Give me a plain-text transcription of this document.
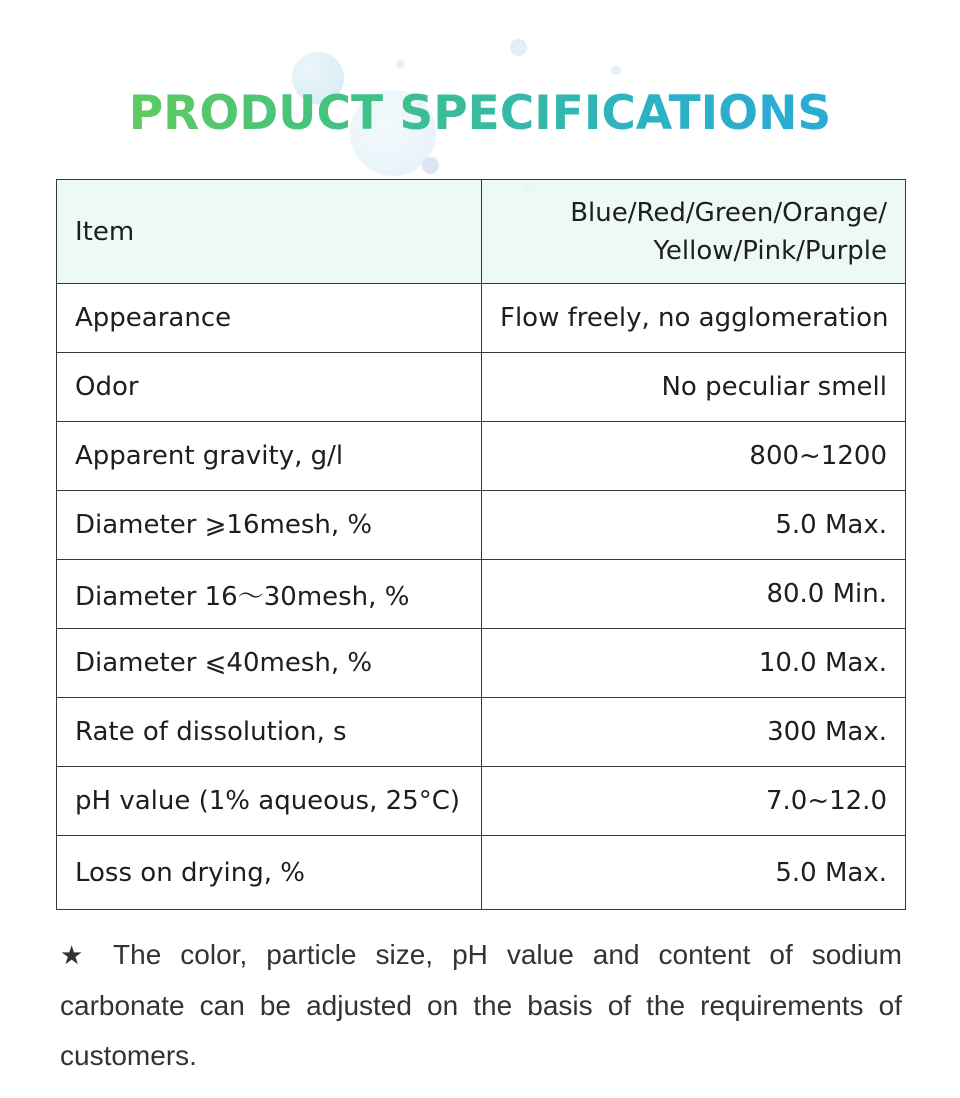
PRODUCT SPECIFICATIONS
Item	Blue/Red/Green/Orange/
Yellow/Pink/Purple
Appearance	Flow freely, no agglomeration
Odor	No peculiar smell
Apparent gravity, g/l	800~1200
Diameter ⩾16mesh, %	5.0 Max.
Diameter 16～30mesh, %	80.0 Min.
Diameter ⩽40mesh, %	10.0 Max.
Rate of dissolution, s	300 Max.
pH value (1% aqueous, 25°C)	7.0~12.0
Loss on drying, %	5.0 Max.
★ The color, particle size, pH value and content of sodium carbonate can be adjusted on the basis of the requirements of customers.
